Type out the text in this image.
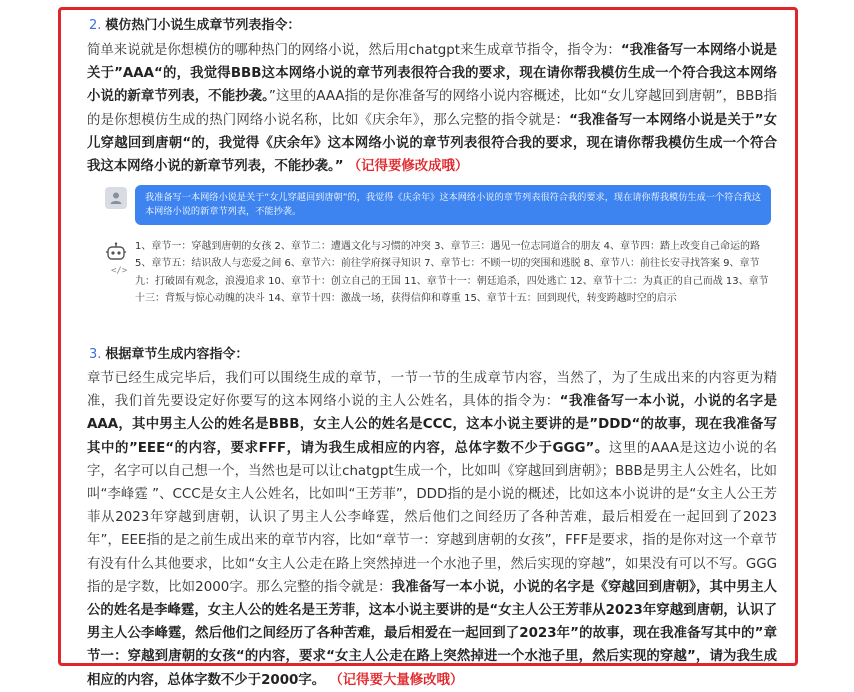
2. 模仿热门小说生成章节列表指令：
简单来说就是你想模仿的哪种热门的网络小说，然后用chatgpt来生成章节指令，指令为：“我准备写一本网络小说是关于”AAA“的，我觉得BBB这本网络小说的章节列表很符合我的要求，现在请你帮我模仿生成一个符合我这本网络小说的新章节列表，不能抄袭。”这里的AAA指的是你准备写的网络小说内容概述，比如“女儿穿越回到唐朝”，BBB指的是你想模仿生成的热门网络小说名称，比如《庆余年》，那么完整的指令就是：“我准备写一本网络小说是关于”女儿穿越回到唐朝“的，我觉得《庆余年》这本网络小说的章节列表很符合我的要求，现在请你帮我模仿生成一个符合我这本网络小说的新章节列表，不能抄袭。” （记得要修改成哦）
我准备写一本网络小说是关于“女儿穿越回到唐朝”的，我觉得《庆余年》这本网络小说的章节列表很符合我的要求，现在请你帮我模仿生成一个符合我这本网络小说的新章节列表，不能抄袭。
</>
1、章节一：穿越到唐朝的女孩 2、章节二：遭遇文化与习惯的冲突 3、章节三：遇见一位志同道合的朋友 4、章节四：踏上改变自己命运的路 5、章节五：结识敌人与恋爱之间 6、章节六：前往学府探寻知识 7、章节七：不顾一切的突围和逃脱 8、章节八：前往长安寻找答案 9、章节九：打破固有观念，浪漫追求 10、章节十：创立自己的王国 11、章节十一：朝廷追杀，四处逃亡 12、章节十二：为真正的自己而战 13、章节十三：背叛与惊心动魄的决斗 14、章节十四：激战一场，获得信仰和尊重 15、章节十五：回到现代，转变跨越时空的启示
3. 根据章节生成内容指令：
章节已经生成完毕后，我们可以围绕生成的章节，一节一节的生成章节内容，当然了，为了生成出来的内容更为精准，我们首先要设定好你要写的这本网络小说的主人公姓名，具体的指令为：“我准备写一本小说，小说的名字是AAA，其中男主人公的姓名是BBB，女主人公的姓名是CCC，这本小说主要讲的是”DDD“的故事，现在我准备写其中的”EEE“的内容，要求FFF，请为我生成相应的内容，总体字数不少于GGG”。这里的AAA是这边小说的名字，名字可以自己想一个，当然也是可以让chatgpt生成一个，比如叫《穿越回到唐朝》；BBB是男主人公姓名，比如叫“李峰霆 ”、CCC是女主人公姓名，比如叫“王芳菲”，DDD指的是小说的概述，比如这本小说讲的是“女主人公王芳菲从2023年穿越到唐朝，认识了男主人公李峰霆，然后他们之间经历了各种苦难，最后相爱在一起回到了2023年”，EEE指的是之前生成出来的章节内容，比如“章节一：穿越到唐朝的女孩”，FFF是要求，指的是你对这一个章节有没有什么其他要求，比如“女主人公走在路上突然掉进一个水池子里，然后实现的穿越”，如果没有可以不写。GGG指的是字数，比如2000字。那么完整的指令就是：我准备写一本小说，小说的名字是《穿越回到唐朝》，其中男主人公的姓名是李峰霆，女主人公的姓名是王芳菲，这本小说主要讲的是“女主人公王芳菲从2023年穿越到唐朝，认识了男主人公李峰霆，然后他们之间经历了各种苦难，最后相爱在一起回到了2023年”的故事，现在我准备写其中的”章节一：穿越到唐朝的女孩“的内容，要求“女主人公走在路上突然掉进一个水池子里，然后实现的穿越”，请为我生成相应的内容，总体字数不少于2000字。 （记得要大量修改哦）
